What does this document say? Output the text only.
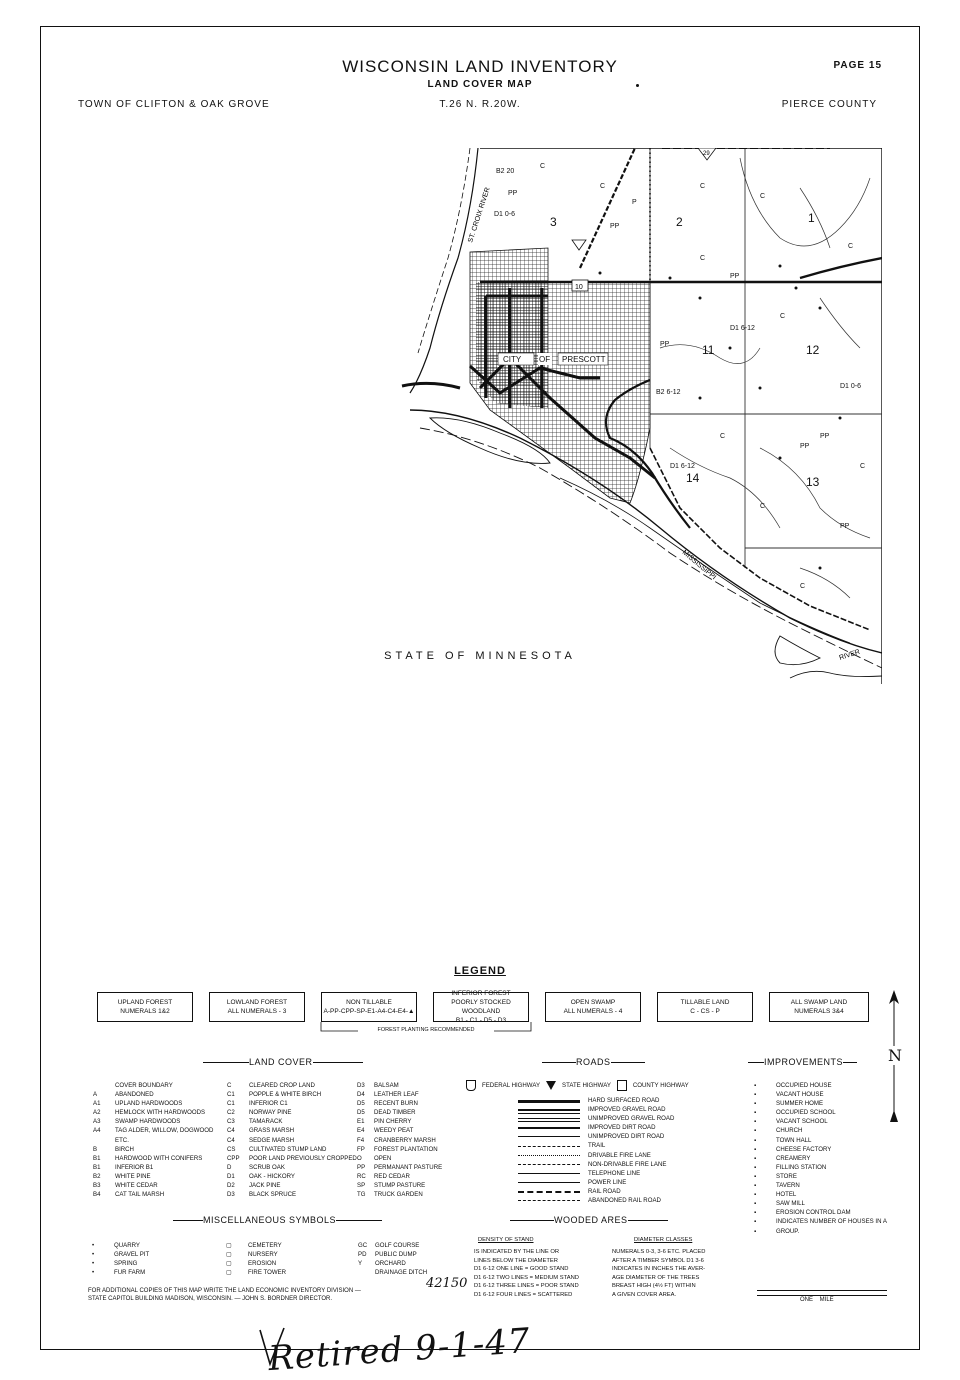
WISCONSIN LAND INVENTORY
LAND COVER MAP
PAGE 15
TOWN OF CLIFTON & OAK GROVE	T.26 N. R.20W.	PIERCE COUNTY
3	2	1
11	12
14	13
10
29
CITY OF PRESCOTT
ST. CROIX RIVER
MISSISSIPPI
RIVER
B2 20
C
PP
P
C
C
C
D1 0-6
C
PP
D1 6-12
B2 6-12
D1 0-6
C
C	PP
PP
D1 6-12	C
C
PP
C
C
PP
PP
STATE OF MINNESOTA
LEGEND
UPLAND FOREST
NUMERALS 1&2
LOWLAND FOREST
ALL NUMERALS - 3
NON TILLABLE
A-PP-CPP-SP-E1-A4-C4-E4-▲
INFERIOR FOREST
POORLY STOCKED WOODLAND
B1 - C1 - D5 - D3
OPEN SWAMP
ALL NUMERALS - 4
TILLABLE LAND
C - CS - P
ALL SWAMP LAND
NUMERALS 3&4
FOREST PLANTING RECOMMENDED
N
LAND COVER	ROADS	IMPROVEMENTS
COVER BOUNDARY
A	ABANDONED
A1 UPLAND HARDWOODS
A2 HEMLOCK WITH HARDWOODS
A3 SWAMP HARDWOODS
A4 TAG ALDER, WILLOW, DOGWOOD
ETC.
B	BIRCH
B1 HARDWOOD WITH CONIFERS
B1 INFERIOR B1
B2 WHITE PINE
B3 WHITE CEDAR
B4 CAT TAIL MARSH
C	CLEARED CROP LAND
C1 POPPLE & WHITE BIRCH
C1 INFERIOR C1
C2 NORWAY PINE
C3 TAMARACK
C4 GRASS MARSH
C4 SEDGE MARSH
CS CULTIVATED STUMP LAND
CPP POOR LAND PREVIOUSLY CROPPED
D	SCRUB OAK
D1 OAK - HICKORY
D2 JACK PINE
D3 BLACK SPRUCE
D3 BALSAM
D4 LEATHER LEAF
D5 RECENT BURN
D5 DEAD TIMBER
E1 PIN CHERRY
E4 WEEDY PEAT
F4 CRANBERRY MARSH
FP FOREST PLANTATION
O OPEN
PP PERMANANT PASTURE
RC RED CEDAR
SP STUMP PASTURE
TG TRUCK GARDEN
FEDERAL HIGHWAY	STATE HIGHWAY	COUNTY HIGHWAY
HARD SURFACED ROAD
IMPROVED GRAVEL ROAD
UNIMPROVED GRAVEL ROAD
IMPROVED DIRT ROAD
UNIMPROVED DIRT ROAD
TRAIL
DRIVABLE FIRE LANE
NON-DRIVABLE FIRE LANE
TELEPHONE LINE
POWER LINE
RAIL ROAD
ABANDONED RAIL ROAD
▪	OCCUPIED HOUSE
▪	VACANT HOUSE
▪	SUMMER HOME
▪	OCCUPIED SCHOOL
▪	VACANT SCHOOL
▪	CHURCH
▪	TOWN HALL
▪	CHEESE FACTORY
▪	CREAMERY
▪	FILLING STATION
▪	STORE
▪	TAVERN
▪	HOTEL
▪	SAW MILL
▪	EROSION CONTROL DAM
▪	INDICATES NUMBER OF HOUSES IN A
▪	GROUP.
MISCELLANEOUS SYMBOLS
•	QUARRY
•	GRAVEL PIT
•	SPRING
•	FUR FARM
▢	CEMETERY
▢	NURSERY
▢	EROSION
▢	FIRE TOWER
GC GOLF COURSE
PD PUBLIC DUMP
Y ORCHARD
DRAINAGE DITCH
WOODED ARES
DENSITY OF STAND	DIAMETER CLASSES
IS INDICATED BY THE LINE OR
LINES BELOW THE DIAMETER
D1 6-12 ONE LINE = GOOD STAND
D1 6-12 TWO LINES = MEDIUM STAND
D1 6-12 THREE LINES = POOR STAND
D1 6-12 FOUR LINES = SCATTERED
NUMERALS 0-3, 3-6 ETC. PLACED
AFTER A TIMBER SYMBOL D1 3-6
INDICATES IN INCHES THE AVER-
AGE DIAMETER OF THE TREES
BREAST HIGH (4½ FT) WITHIN
A GIVEN COVER AREA.
ONE    MILE
FOR ADDITIONAL COPIES OF THIS MAP WRITE THE LAND ECONOMIC INVENTORY DIVISION —
STATE CAPITOL BUILDING MADISON, WISCONSIN. — JOHN S. BORDNER DIRECTOR.
42150
Retired 9-1-47
